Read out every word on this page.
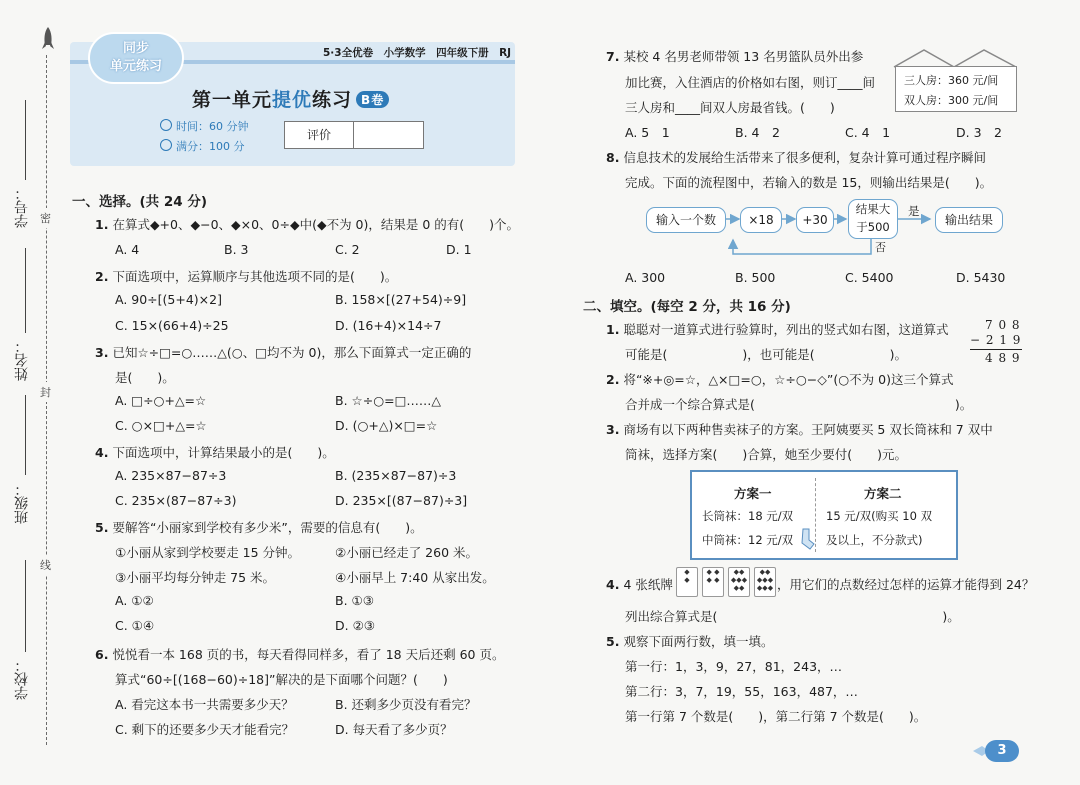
密
封
线
学号：
姓名：
班级：
学校：
同步
单元练习
5·3全优卷　小学数学　四年级下册　RJ
第一单元提优练习 B卷
时间：60 分钟
满分：100 分
评价
一、选择。(共 24 分)
1. 在算式◆+0、◆−0、◆×0、0÷◆中(◆不为 0)，结果是 0 的有(　　)个。
A. 4	B. 3	C. 2	D. 1
2. 下面选项中，运算顺序与其他选项不同的是(　　)。
A. 90÷[(5+4)×2]	B. 158×[(27+54)÷9]
C. 15×(66+4)÷25	D. (16+4)×14÷7
3. 已知☆÷□=○……△(○、□均不为 0)，那么下面算式一定正确的
是(　　)。
A. □÷○+△=☆	B. ☆÷○=□……△
C. ○×□+△=☆	D. (○+△)×□=☆
4. 下面选项中，计算结果最小的是(　　)。
A. 235×87−87÷3	B. (235×87−87)÷3
C. 235×(87−87÷3)	D. 235×[(87−87)÷3]
5. 要解答“小丽家到学校有多少米”，需要的信息有(　　)。
①小丽从家到学校要走 15 分钟。	②小丽已经走了 260 米。
③小丽平均每分钟走 75 米。	④小丽早上 7:40 从家出发。
A. ①②	B. ①③
C. ①④	D. ②③
6. 悦悦看一本 168 页的书，每天看得同样多，看了 18 天后还剩 60 页。
算式“60÷[(168−60)÷18]”解决的是下面哪个问题？(　　)
A. 看完这本书一共需要多少天？	B. 还剩多少页没有看完？
C. 剩下的还要多少天才能看完？	D. 每天看了多少页？
7. 某校 4 名男老师带领 13 名男篮队员外出参
加比赛，入住酒店的价格如右图，则订____间
三人房和____间双人房最省钱。(　　)
三人房：360 元/间
双人房：300 元/间
A. 5　1	B. 4　2	C. 4　1	D. 3　2
8. 信息技术的发展给生活带来了很多便利，复杂计算可通过程序瞬间
完成。下面的流程图中，若输入的数是 15，则输出结果是(　　)。
输入一个数	×18	+30
结果大
于500
是
否
输出结果
A. 300	B. 500	C. 5400	D. 5430
二、填空。(每空 2 分，共 16 分)
1. 聪聪对一道算式进行验算时，列出的竖式如右图，这道算式
可能是(　　　　　　)，也可能是(　　　　　　)。
7 0 8
− 2 1 9
4 8 9
2. 将“※+◎=☆，△×□=○，☆÷○−◇”(○不为 0)这三个算式
合并成一个综合算式是(　　　　　　　　　　　　　　　　)。
3. 商场有以下两种售卖袜子的方案。王阿姨要买 5 双长筒袜和 7 双中
筒袜，选择方案(　　)合算，她至少要付(　　)元。
方案一	方案二
长筒袜：18 元/双
中筒袜：12 元/双
15 元/双(购买 10 双
及以上，不分款式)
4. 4 张纸牌
◆
◆
◆ ◆
◆ ◆
◆◆
◆◆◆
◆◆
◆◆
◆◆◆
◆◆◆ ，用它们的点数经过怎样的运算才能得到 24？
列出综合算式是(　　　　　　　　　　　　　　　　　　)。
5. 观察下面两行数，填一填。
第一行：1，3，9，27，81，243，…
第二行：3，7，19，55，163，487，…
第一行第 7 个数是(　　)，第二行第 7 个数是(　　)。
3
